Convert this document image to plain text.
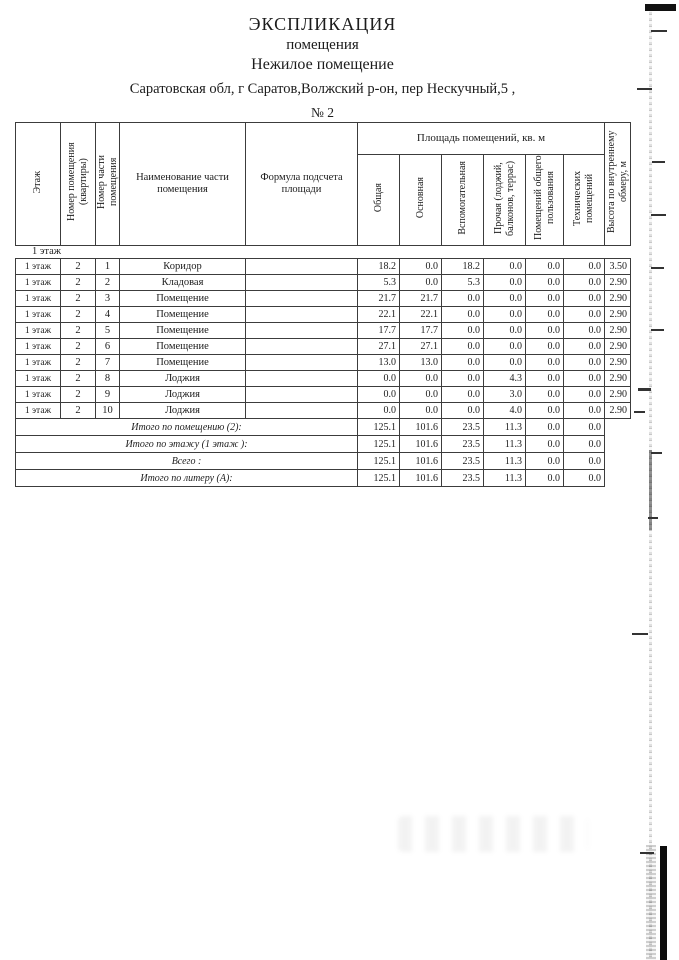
ЭКСПЛИКАЦИЯ
помещения
Нежилое помещение
Саратовская обл, г Саратов,Волжский р-он, пер Нескучный,5 ,
№ 2
Этаж	Номер помещения (квартиры)	Номер части помещения	Наименование части помещения	Формула подсчета площади	Площадь помещений, кв. м						Высота по внутреннему обмеру, м
					Общая	Основная	Вспомогательная	Прочая (лоджий, балконов, террас)	Помещений общего пользования	Технических помещений	
1 этаж
1 этаж	2	1	Коридор		18.2	0.0	18.2	0.0	0.0	0.0	3.50
1 этаж	2	2	Кладовая		5.3	0.0	5.3	0.0	0.0	0.0	2.90
1 этаж	2	3	Помещение		21.7	21.7	0.0	0.0	0.0	0.0	2.90
1 этаж	2	4	Помещение		22.1	22.1	0.0	0.0	0.0	0.0	2.90
1 этаж	2	5	Помещение		17.7	17.7	0.0	0.0	0.0	0.0	2.90
1 этаж	2	6	Помещение		27.1	27.1	0.0	0.0	0.0	0.0	2.90
1 этаж	2	7	Помещение		13.0	13.0	0.0	0.0	0.0	0.0	2.90
1 этаж	2	8	Лоджия		0.0	0.0	0.0	4.3	0.0	0.0	2.90
1 этаж	2	9	Лоджия		0.0	0.0	0.0	3.0	0.0	0.0	2.90
1 этаж	2	10	Лоджия		0.0	0.0	0.0	4.0	0.0	0.0	2.90
Итого по помещению (2):					125.1	101.6	23.5	11.3	0.0	0.0	
Итого по этажу (1 этаж ):					125.1	101.6	23.5	11.3	0.0	0.0	
Всего :					125.1	101.6	23.5	11.3	0.0	0.0	
Итого по литеру (А):					125.1	101.6	23.5	11.3	0.0	0.0	
